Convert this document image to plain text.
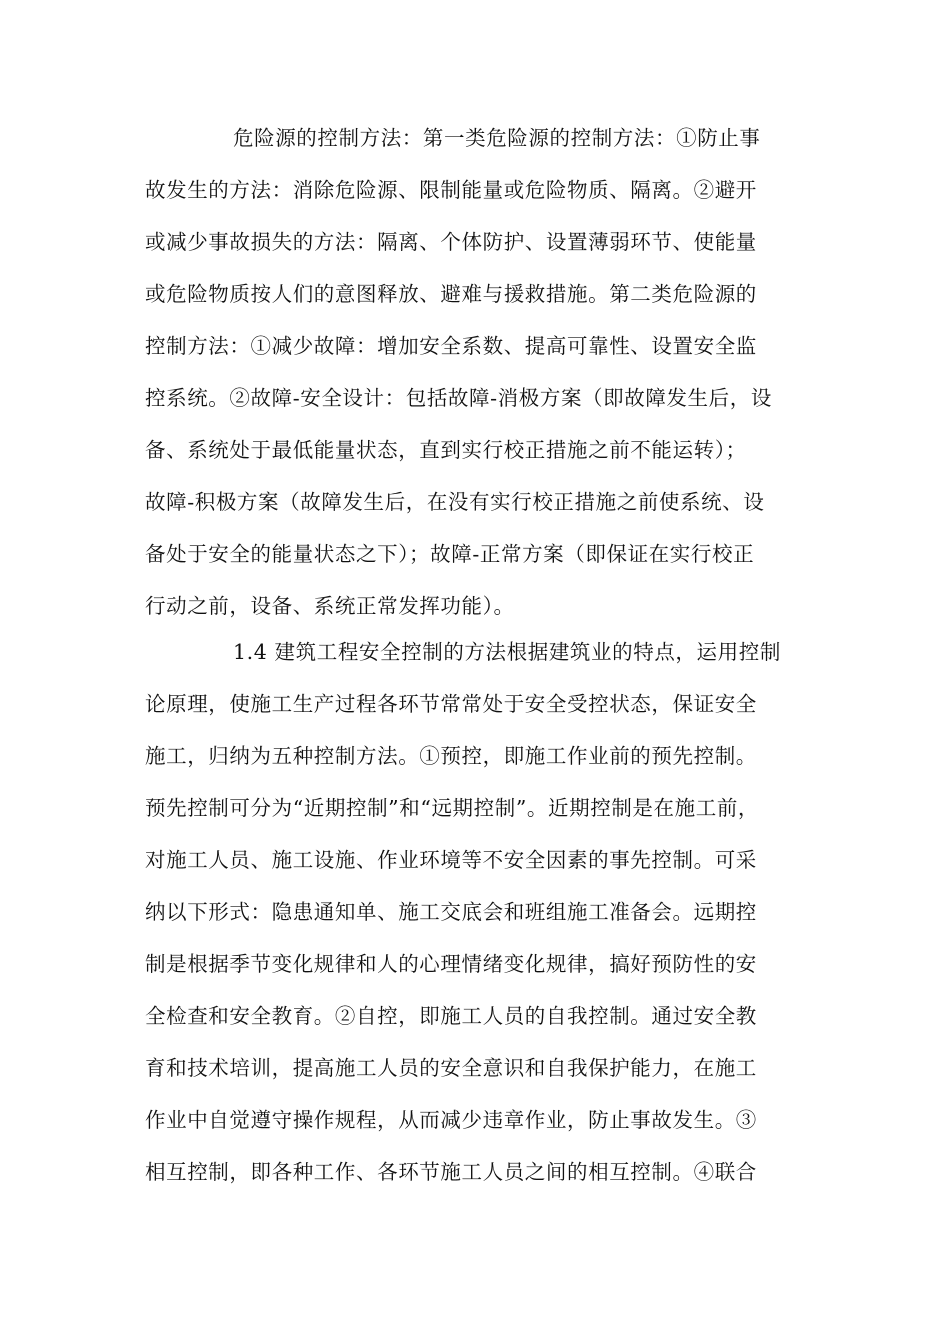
危险源的控制方法：第一类危险源的控制方法：①防止事
故发生的方法：消除危险源、限制能量或危险物质、隔离。②避开
或减少事故损失的方法：隔离、个体防护、设置薄弱环节、使能量
或危险物质按人们的意图释放、避难与援救措施。第二类危险源的
控制方法：①减少故障：增加安全系数、提高可靠性、设置安全监
控系统。②故障-安全设计：包括故障-消极方案（即故障发生后，设
备、系统处于最低能量状态，直到实行校正措施之前不能运转）；
故障-积极方案（故障发生后，在没有实行校正措施之前使系统、设
备处于安全的能量状态之下）；故障-正常方案（即保证在实行校正
行动之前，设备、系统正常发挥功能）。
1.4 建筑工程安全控制的方法根据建筑业的特点，运用控制
论原理，使施工生产过程各环节常常处于安全受控状态，保证安全
施工，归纳为五种控制方法。①预控，即施工作业前的预先控制。
预先控制可分为“近期控制”和“远期控制”。近期控制是在施工前，
对施工人员、施工设施、作业环境等不安全因素的事先控制。可采
纳以下形式：隐患通知单、施工交底会和班组施工准备会。远期控
制是根据季节变化规律和人的心理情绪变化规律，搞好预防性的安
全检查和安全教育。②自控，即施工人员的自我控制。通过安全教
育和技术培训，提高施工人员的安全意识和自我保护能力，在施工
作业中自觉遵守操作规程，从而减少违章作业，防止事故发生。③
相互控制，即各种工作、各环节施工人员之间的相互控制。④联合
